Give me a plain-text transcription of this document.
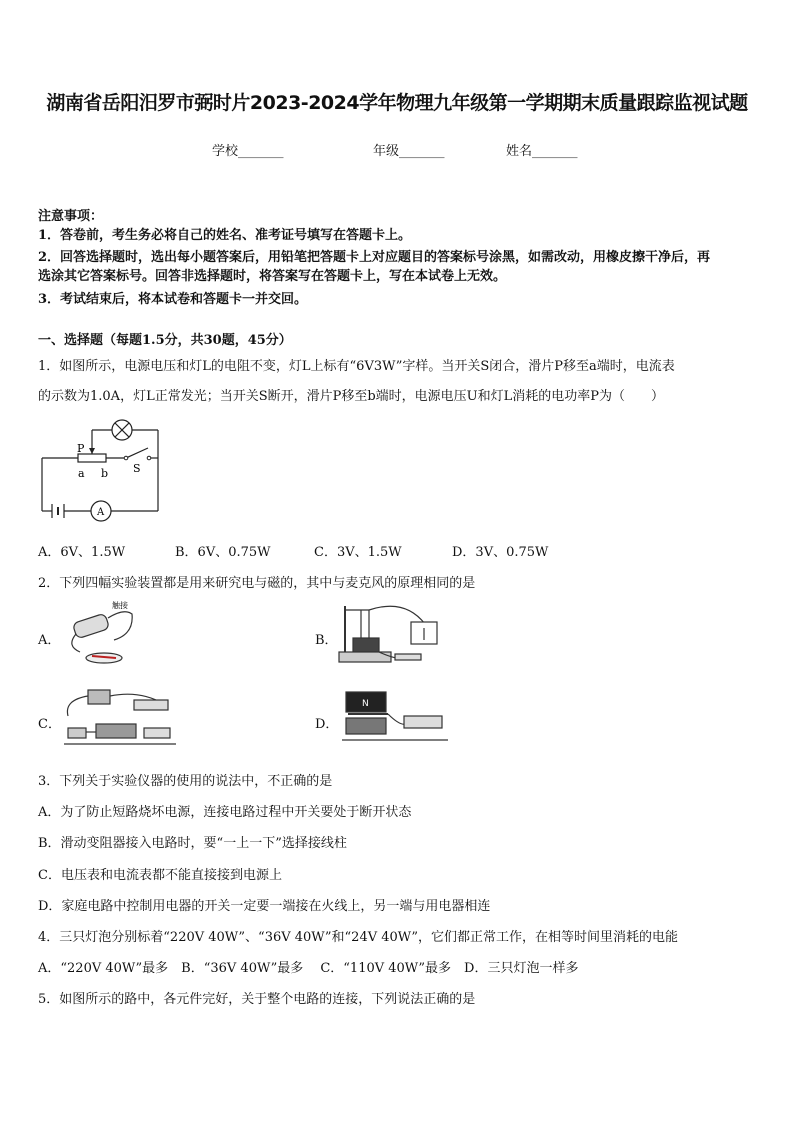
湖南省岳阳汨罗市弼时片2023-2024学年物理九年级第一学期期末质量跟踪监视试题
学校_______	年级_______	姓名_______
注意事项：
1．答卷前，考生务必将自己的姓名、准考证号填写在答题卡上。
2．回答选择题时，选出每小题答案后，用铅笔把答题卡上对应题目的答案标号涂黑，如需改动，用橡皮擦干净后，再
选涂其它答案标号。回答非选择题时，将答案写在答题卡上，写在本试卷上无效。
3．考试结束后，将本试卷和答题卡一并交回。
一、选择题（每题1.5分，共30题，45分）
1．如图所示，电源电压和灯L的电阻不变，灯L上标有“6V3W”字样。当开关S闭合，滑片P移至a端时，电流表
的示数为1.0A，灯L正常发光；当开关S断开，滑片P移至b端时，电源电压U和灯L消耗的电功率P为（　　）
P
a b S
A
A．6V、1.5W	B．6V、0.75W	C．3V、1.5W	D．3V、0.75W
2．下列四幅实验装置都是用来研究电与磁的，其中与麦克风的原理相同的是
A．
触接
B．
C．	D．
N
3．下列关于实验仪器的使用的说法中，不正确的是
A．为了防止短路烧坏电源，连接电路过程中开关要处于断开状态
B．滑动变阻器接入电路时，要“一上一下”选择接线柱
C．电压表和电流表都不能直接接到电源上
D．家庭电路中控制用电器的开关一定要一端接在火线上，另一端与用电器相连
4．三只灯泡分别标着“220V 40W”、“36V 40W”和“24V 40W”，它们都正常工作，在相等时间里消耗的电能
A．“220V 40W”最多　B．“36V 40W”最多　 C．“110V 40W”最多　D．三只灯泡一样多
5．如图所示的路中，各元件完好，关于整个电路的连接，下列说法正确的是
